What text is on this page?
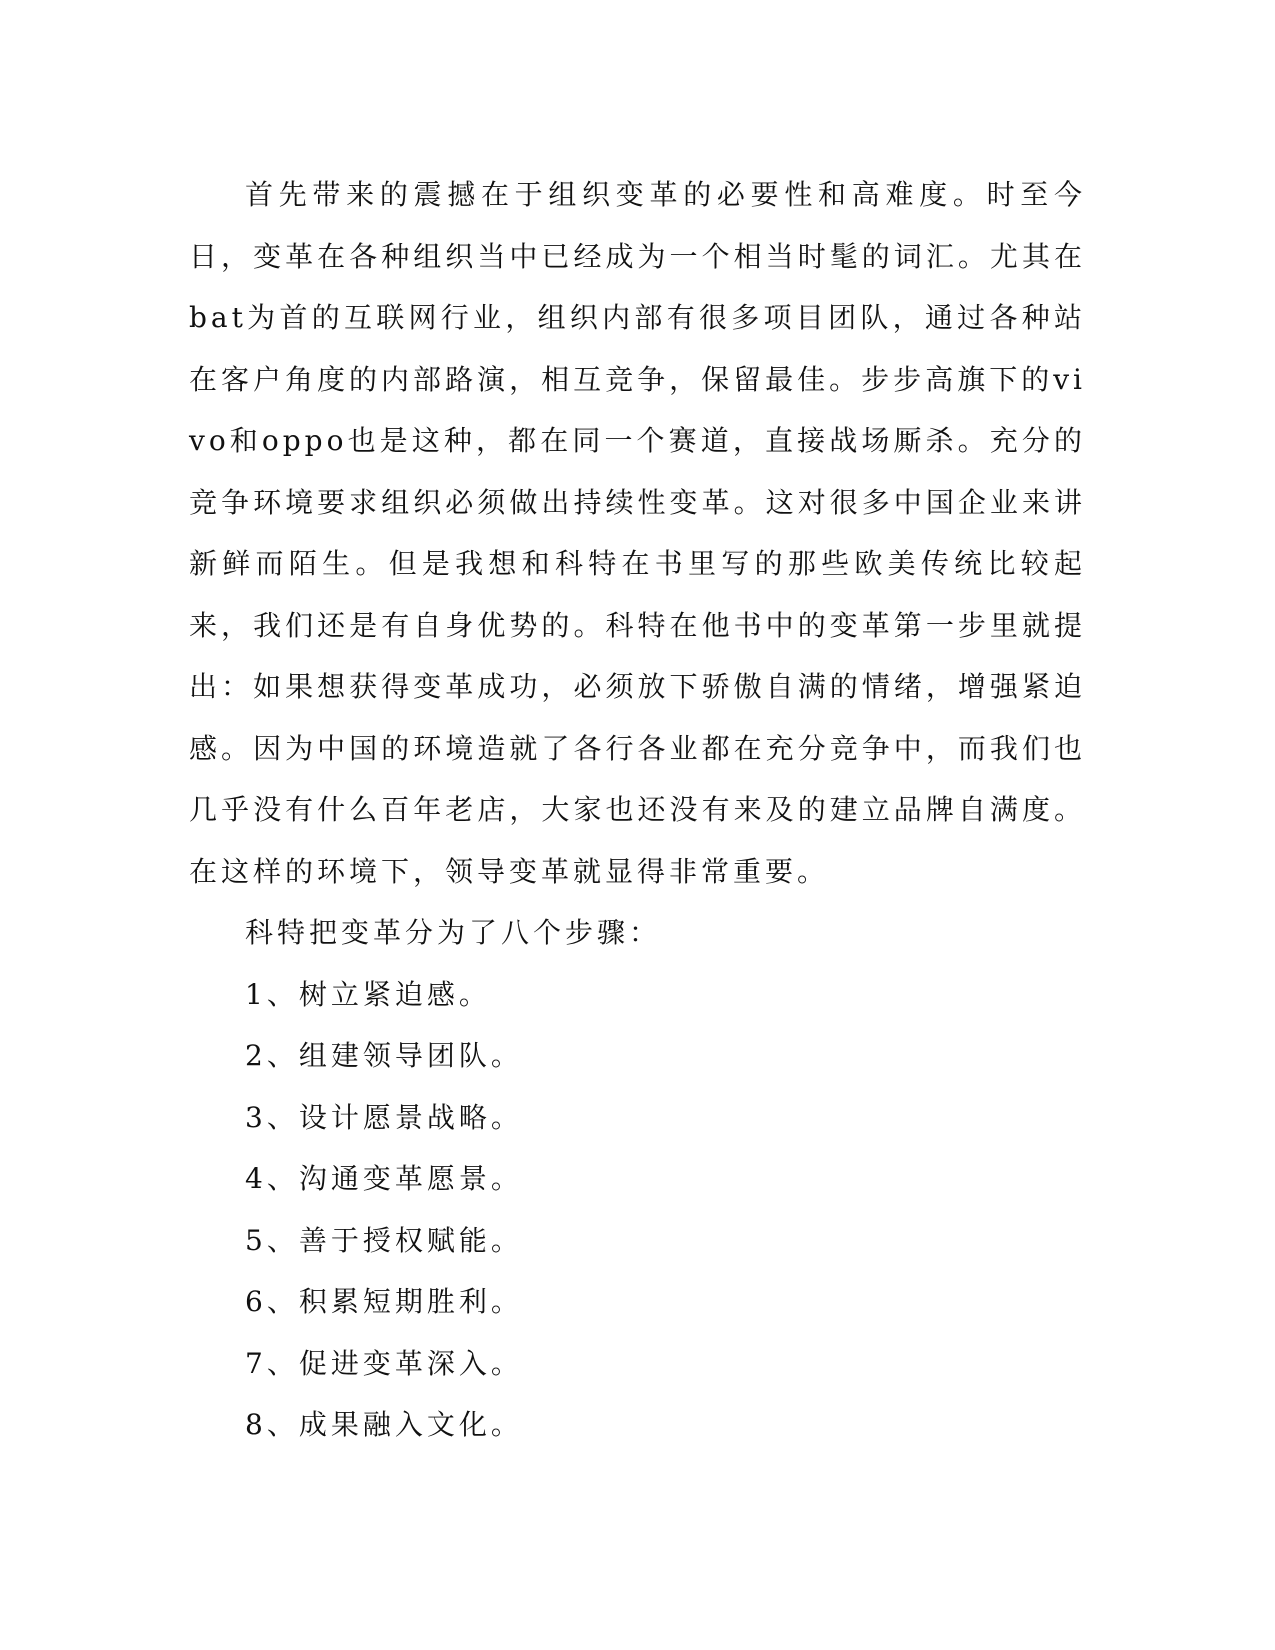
首先带来的震撼在于组织变革的必要性和高难度。时至今日，变革在各种组织当中已经成为一个相当时髦的词汇。尤其在bat为首的互联网行业，组织内部有很多项目团队，通过各种站在客户角度的内部路演，相互竞争，保留最佳。步步高旗下的vivo和oppo也是这种，都在同一个赛道，直接战场厮杀。充分的竞争环境要求组织必须做出持续性变革。这对很多中国企业来讲新鲜而陌生。但是我想和科特在书里写的那些欧美传统比较起来，我们还是有自身优势的。科特在他书中的变革第一步里就提出：如果想获得变革成功，必须放下骄傲自满的情绪，增强紧迫感。因为中国的环境造就了各行各业都在充分竞争中，而我们也几乎没有什么百年老店，大家也还没有来及的建立品牌自满度。在这样的环境下，领导变革就显得非常重要。

科特把变革分为了八个步骤：

1、树立紧迫感。
2、组建领导团队。
3、设计愿景战略。
4、沟通变革愿景。
5、善于授权赋能。
6、积累短期胜利。
7、促进变革深入。
8、成果融入文化。
